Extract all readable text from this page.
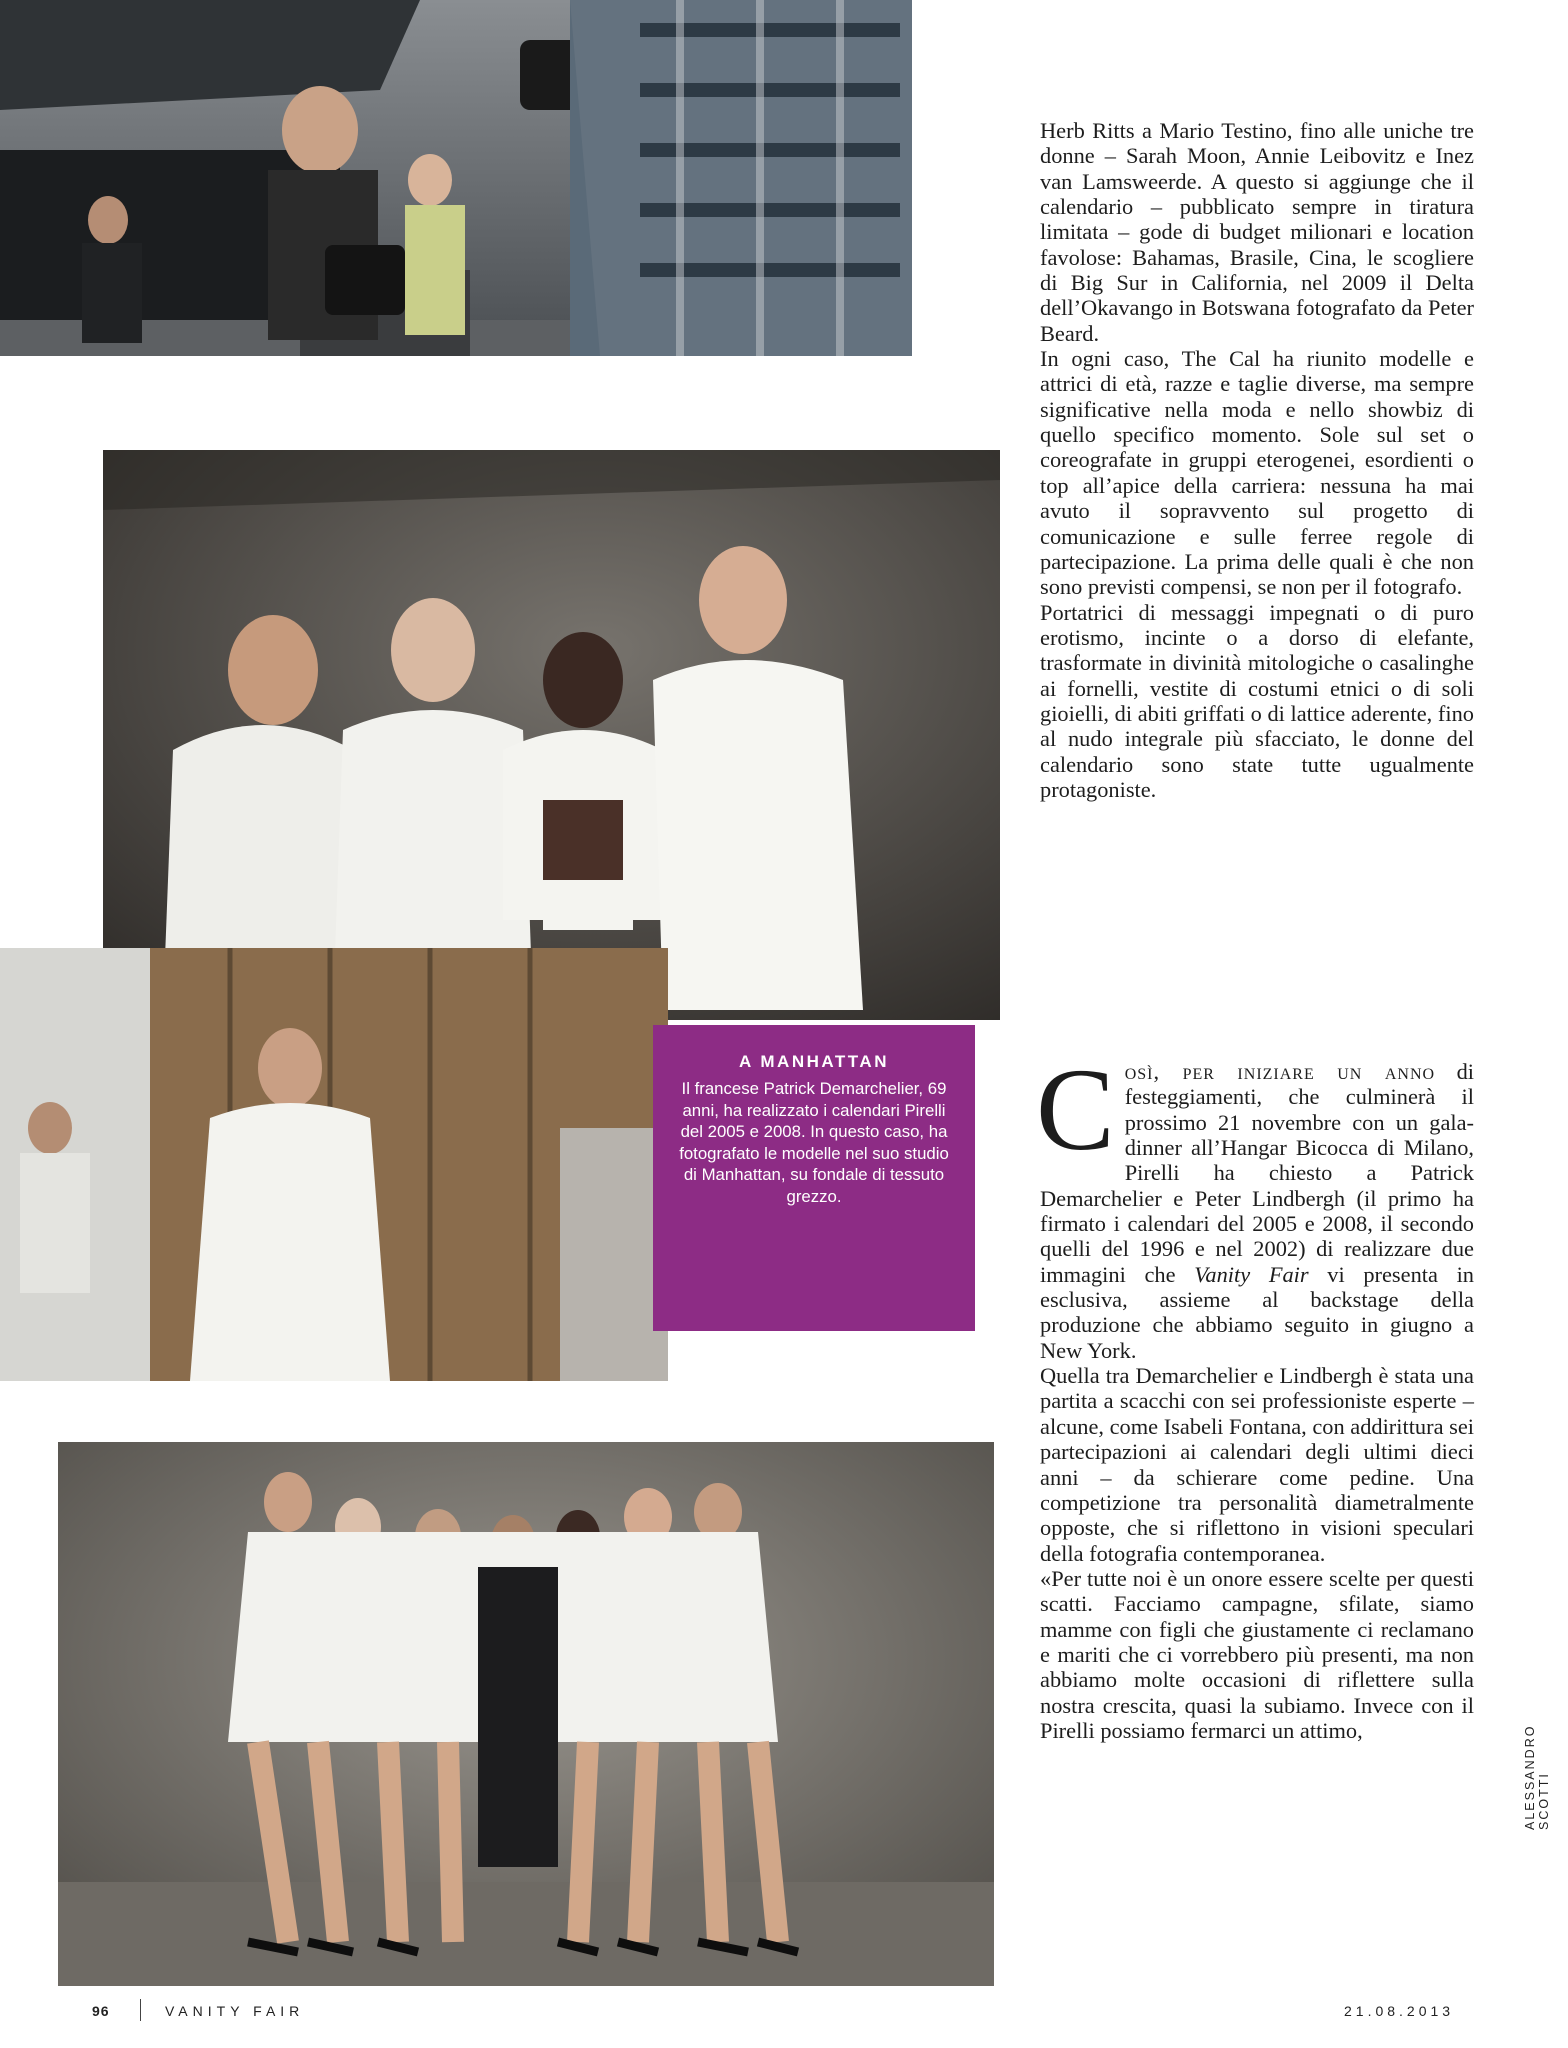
Herb Ritts a Mario Testino, fino alle uniche tre donne – Sarah Moon, Annie Leibovitz e Inez van Lamsweerde. A questo si aggiunge che il calendario – pubblicato sempre in tiratura limitata – gode di budget milionari e location favolose: Bahamas, Brasile, Cina, le scogliere di Big Sur in California, nel 2009 il Delta dell’Okavango in Botswana fotografato da Peter Beard.

In ogni caso, The Cal ha riunito modelle e attrici di età, razze e taglie diverse, ma sempre significative nella moda e nello showbiz di quello specifico momento. Sole sul set o coreografate in gruppi eterogenei, esordienti o top all’apice della carriera: nessuna ha mai avuto il sopravvento sul progetto di comunicazione e sulle ferree regole di partecipazione. La prima delle quali è che non sono previsti compensi, se non per il fotografo.

Portatrici di messaggi impegnati o di puro erotismo, incinte o a dorso di elefante, trasformate in divinità mitologiche o casalinghe ai fornelli, vestite di costumi etnici o di soli gioielli, di abiti griffati o di lattice aderente, fino al nudo integrale più sfacciato, le donne del calendario sono state tutte ugualmente protagoniste.

A MANHATTAN
Il francese Patrick Demarchelier, 69 anni, ha realizzato i calendari Pirelli del 2005 e 2008. In questo caso, ha fotografato le modelle nel suo studio di Manhattan, su fondale di tessuto grezzo.

Così, per iniziare un anno di festeggiamenti, che culminerà il prossimo 21 novembre con un gala-dinner all’Hangar Bicocca di Milano, Pirelli ha chiesto a Patrick Demarchelier e Peter Lindbergh (il primo ha firmato i calendari del 2005 e 2008, il secondo quelli del 1996 e nel 2002) di realizzare due immagini che Vanity Fair vi presenta in esclusiva, assieme al backstage della produzione che abbiamo seguito in giugno a New York.

Quella tra Demarchelier e Lindbergh è stata una partita a scacchi con sei professioniste esperte – alcune, come Isabeli Fontana, con addirittura sei partecipazioni ai calendari degli ultimi dieci anni – da schierare come pedine. Una competizione tra personalità diametralmente opposte, che si riflettono in visioni speculari della fotografia contemporanea.

«Per tutte noi è un onore essere scelte per questi scatti. Facciamo campagne, sfilate, siamo mamme con figli che giustamente ci reclamano e mariti che ci vorrebbero più presenti, ma non abbiamo molte occasioni di riflettere sulla nostra crescita, quasi la subiamo. Invece con il Pirelli possiamo fermarci un attimo,	ALESSANDRO SCOTTI
96	VANITY FAIR	21.08.2013
